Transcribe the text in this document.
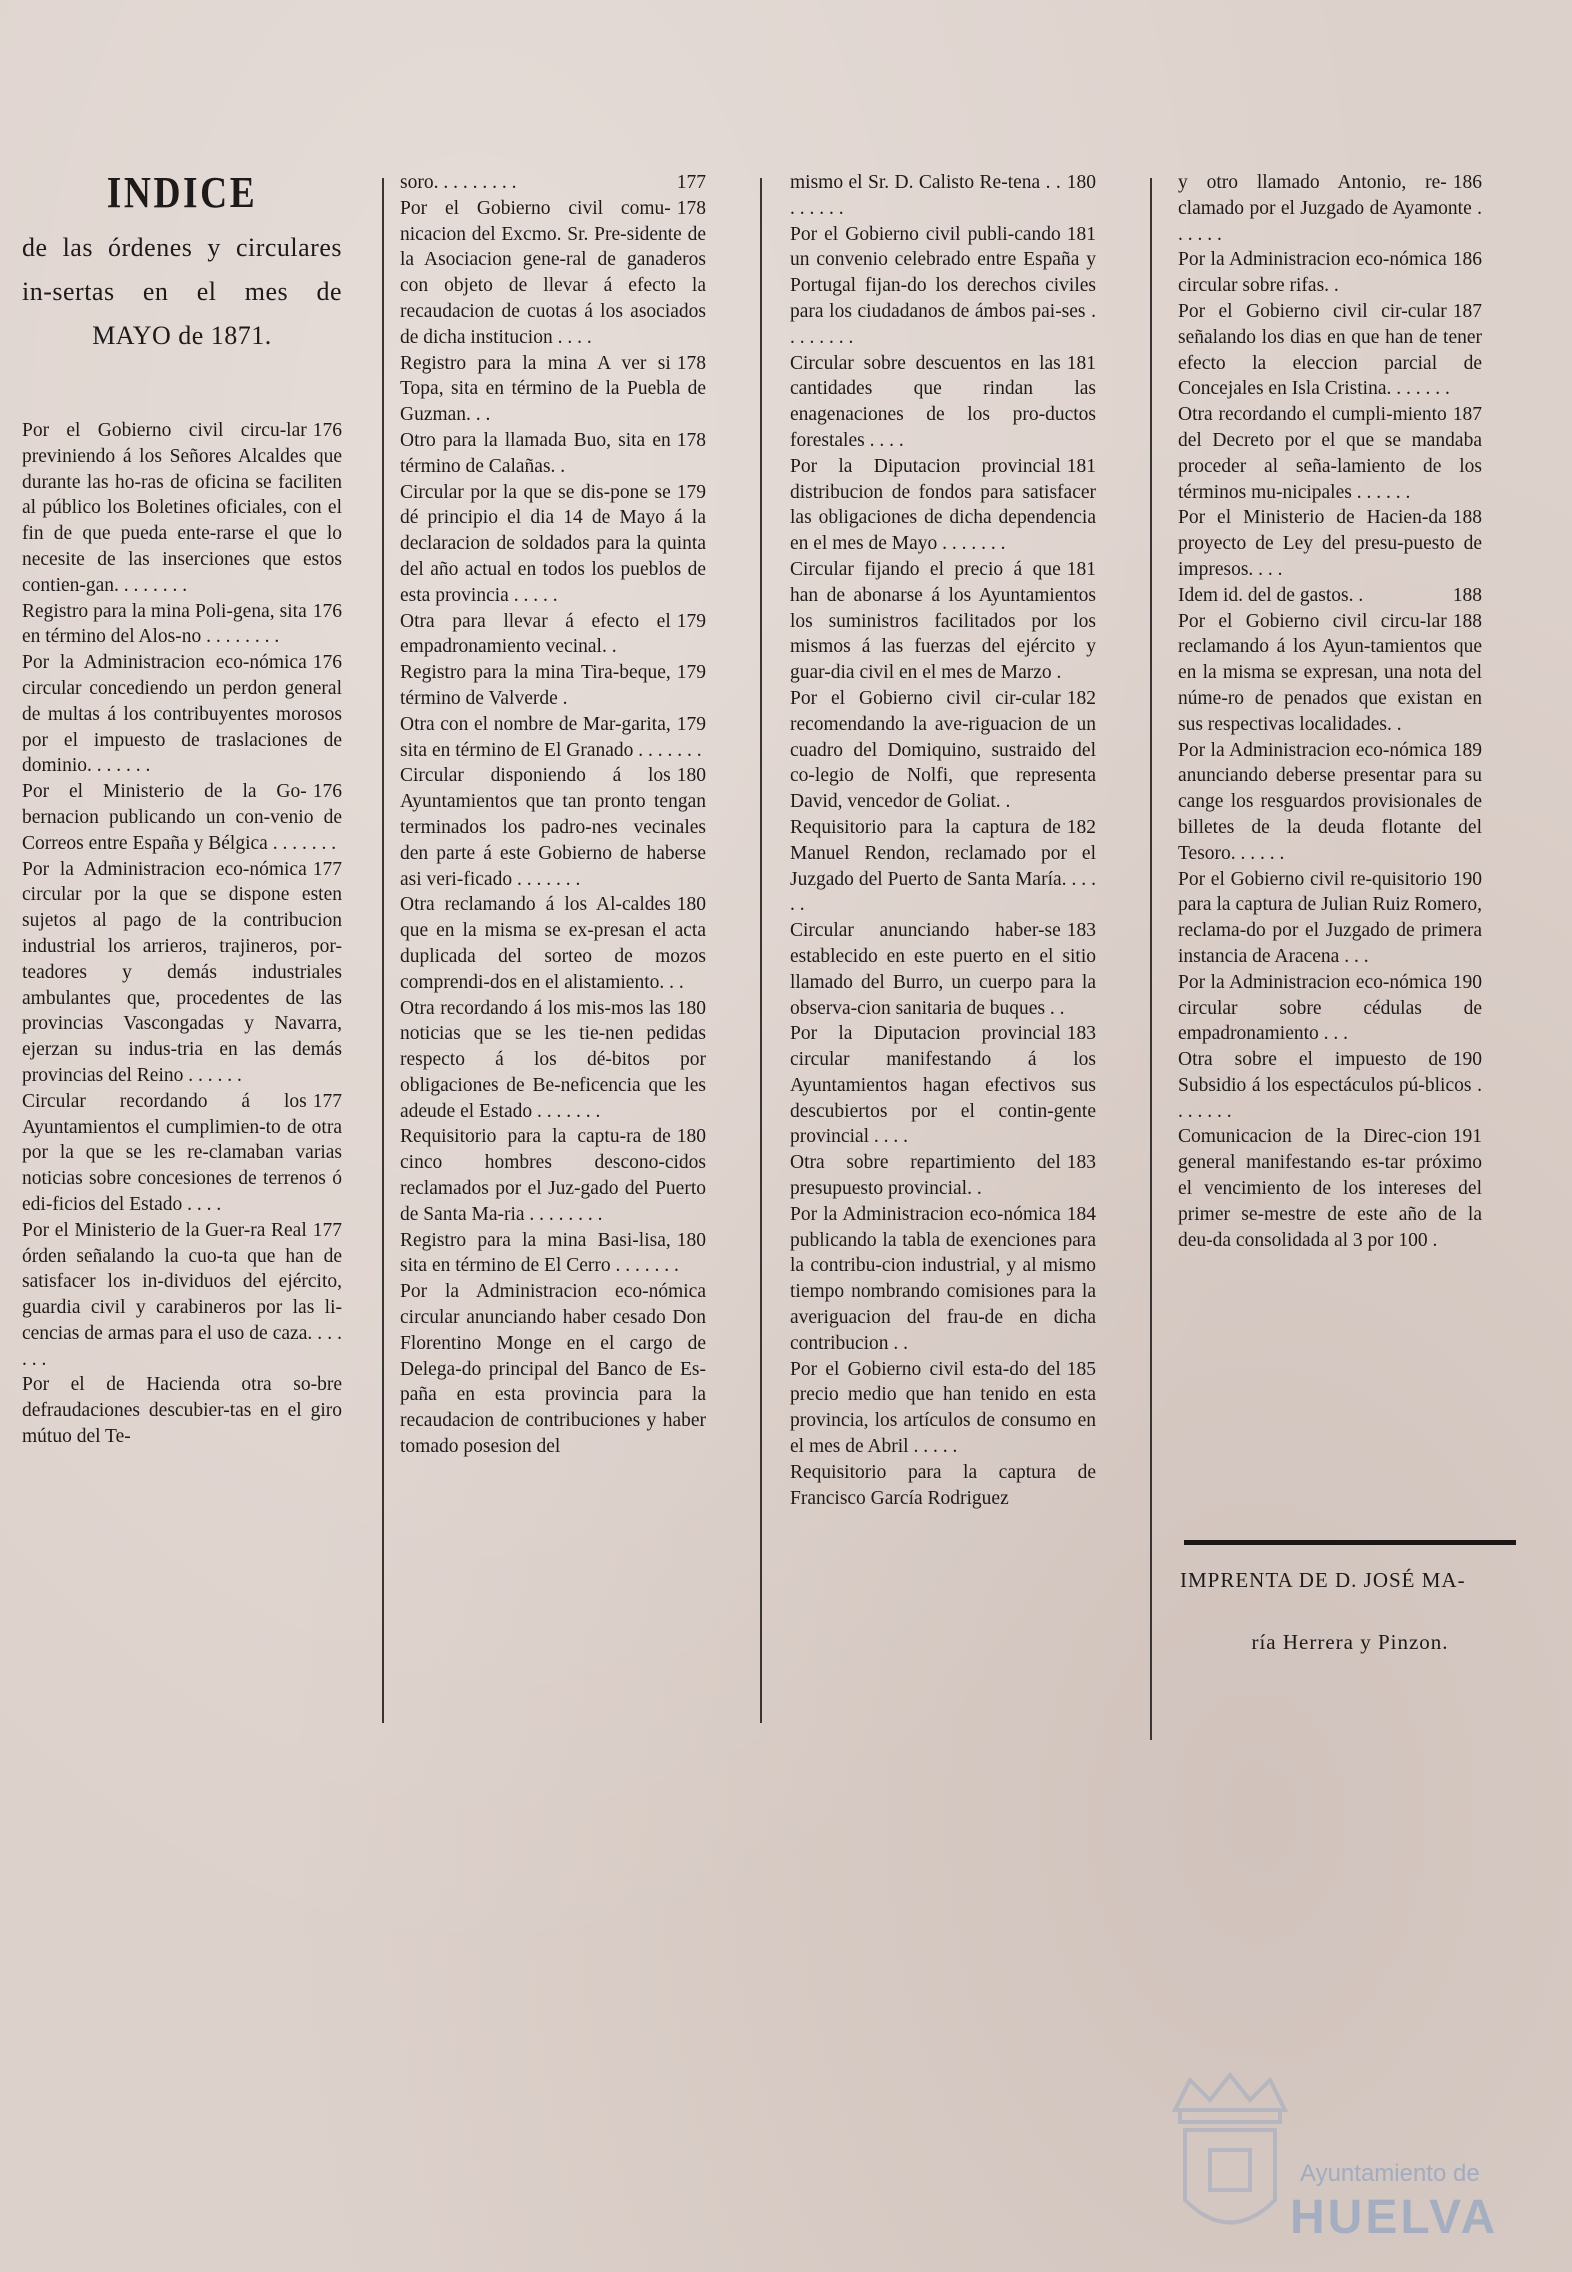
INDICE
de las órdenes y circulares in-sertas en el mes de MAYO de 1871.

176
Por el Gobierno civil circu-lar previniendo á los Señores Alcaldes que durante las ho-ras de oficina se faciliten al público los Boletines oficiales, con el fin de que pueda ente-rarse el que lo necesite de las inserciones que estos contien-gan. . . . . . . .

176
Registro para la mina Poli-gena, sita en término del Alos-no . . . . . . . .

176
Por la Administracion eco-nómica circular concediendo un perdon general de multas á los contribuyentes morosos por el impuesto de traslaciones de dominio. . . . . . .

176
Por el Ministerio de la Go-bernacion publicando un con-venio de Correos entre España y Bélgica . . . . . . .

177
Por la Administracion eco-nómica circular por la que se dispone esten sujetos al pago de la contribucion industrial los arrieros, trajineros, por-teadores y demás industriales ambulantes que, procedentes de las provincias Vascongadas y Navarra, ejerzan su indus-tria en las demás provincias del Reino . . . . . .

177
Circular recordando á los Ayuntamientos el cumplimien-to de otra por la que se les re-clamaban varias noticias sobre concesiones de terrenos ó edi-ficios del Estado . . . .

177
Por el Ministerio de la Guer-ra Real órden señalando la cuo-ta que han de satisfacer los in-dividuos del ejército, guardia civil y carabineros por las li-cencias de armas para el uso de caza. . . . . . .

Por el de Hacienda otra so-bre defraudaciones descubier-tas en el giro mútuo del Te-

177
soro. . . . . . . . .

178
Por el Gobierno civil comu-nicacion del Excmo. Sr. Pre-sidente de la Asociacion gene-ral de ganaderos con objeto de llevar á efecto la recaudacion de cuotas á los asociados de dicha institucion . . . .

178
Registro para la mina A ver si Topa, sita en término de la Puebla de Guzman. . .

178
Otro para la llamada Buo, sita en término de Calañas. .

179
Circular por la que se dis-pone se dé principio el dia 14 de Mayo á la declaracion de soldados para la quinta del año actual en todos los pueblos de esta provincia . . . . .

179
Otra para llevar á efecto el empadronamiento vecinal. .

179
Registro para la mina Tira-beque, término de Valverde .

179
Otra con el nombre de Mar-garita, sita en término de El Granado . . . . . . .

180
Circular disponiendo á los Ayuntamientos que tan pronto tengan terminados los padro-nes vecinales den parte á este Gobierno de haberse asi veri-ficado . . . . . . .

180
Otra reclamando á los Al-caldes que en la misma se ex-presan el acta duplicada del sorteo de mozos comprendi-dos en el alistamiento. . .

180
Otra recordando á los mis-mos las noticias que se les tie-nen pedidas respecto á los dé-bitos por obligaciones de Be-neficencia que les adeude el Estado . . . . . . .

180
Requisitorio para la captu-ra de cinco hombres descono-cidos reclamados por el Juz-gado del Puerto de Santa Ma-ria . . . . . . . .

180
Registro para la mina Basi-lisa, sita en término de El Cerro . . . . . . .

Por la Administracion eco-nómica circular anunciando haber cesado Don Florentino Monge en el cargo de Delega-do principal del Banco de Es-paña en esta provincia para la recaudacion de contribuciones y haber tomado posesion del

180
mismo el Sr. D. Calisto Re-tena . . . . . . . .

181
Por el Gobierno civil publi-cando un convenio celebrado entre España y Portugal fijan-do los derechos civiles para los ciudadanos de ámbos pai-ses . . . . . . . .

181
Circular sobre descuentos en las cantidades que rindan las enagenaciones de los pro-ductos forestales . . . .

181
Por la Diputacion provincial distribucion de fondos para satisfacer las obligaciones de dicha dependencia en el mes de Mayo . . . . . . .

181
Circular fijando el precio á que han de abonarse á los Ayuntamientos los suministros facilitados por los mismos á las fuerzas del ejército y guar-dia civil en el mes de Marzo .

182
Por el Gobierno civil cir-cular recomendando la ave-riguacion de un cuadro del Domiquino, sustraido del co-legio de Nolfi, que representa David, vencedor de Goliat. .

182
Requisitorio para la captura de Manuel Rendon, reclamado por el Juzgado del Puerto de Santa María. . . . . .

183
Circular anunciando haber-se establecido en este puerto en el sitio llamado del Burro, un cuerpo para la observa-cion sanitaria de buques . .

183
Por la Diputacion provincial circular manifestando á los Ayuntamientos hagan efectivos sus descubiertos por el contin-gente provincial . . . .

183
Otra sobre repartimiento del presupuesto provincial. .

184
Por la Administracion eco-nómica publicando la tabla de exenciones para la contribu-cion industrial, y al mismo tiempo nombrando comisiones para la averiguacion del frau-de en dicha contribucion . .

185
Por el Gobierno civil esta-do del precio medio que han tenido en esta provincia, los artículos de consumo en el mes de Abril . . . . .

Requisitorio para la captura de Francisco García Rodriguez

186
y otro llamado Antonio, re-clamado por el Juzgado de Ayamonte . . . . . .

186
Por la Administracion eco-nómica circular sobre rifas. .

187
Por el Gobierno civil cir-cular señalando los dias en que han de tener efecto la eleccion parcial de Concejales en Isla Cristina. . . . . . .

187
Otra recordando el cumpli-miento del Decreto por el que se mandaba proceder al seña-lamiento de los términos mu-nicipales . . . . . .

188
Por el Ministerio de Hacien-da proyecto de Ley del presu-puesto de impresos. . . .

188
Idem id. del de gastos. .

188
Por el Gobierno civil circu-lar reclamando á los Ayun-tamientos que en la misma se expresan, una nota del núme-ro de penados que existan en sus respectivas localidades. .

189
Por la Administracion eco-nómica anunciando deberse presentar para su cange los resguardos provisionales de billetes de la deuda flotante del Tesoro. . . . . .

190
Por el Gobierno civil re-quisitorio para la captura de Julian Ruiz Romero, reclama-do por el Juzgado de primera instancia de Aracena . . .

190
Por la Administracion eco-nómica circular sobre cédulas de empadronamiento . . .

190
Otra sobre el impuesto de Subsidio á los espectáculos pú-blicos . . . . . . .

191
Comunicacion de la Direc-cion general manifestando es-tar próximo el vencimiento de los intereses del primer se-mestre de este año de la deu-da consolidada al 3 por 100 .

IMPRENTA DE D. JOSÉ MA-
ría Herrera y Pinzon.
Ayuntamiento de
HUELVA
